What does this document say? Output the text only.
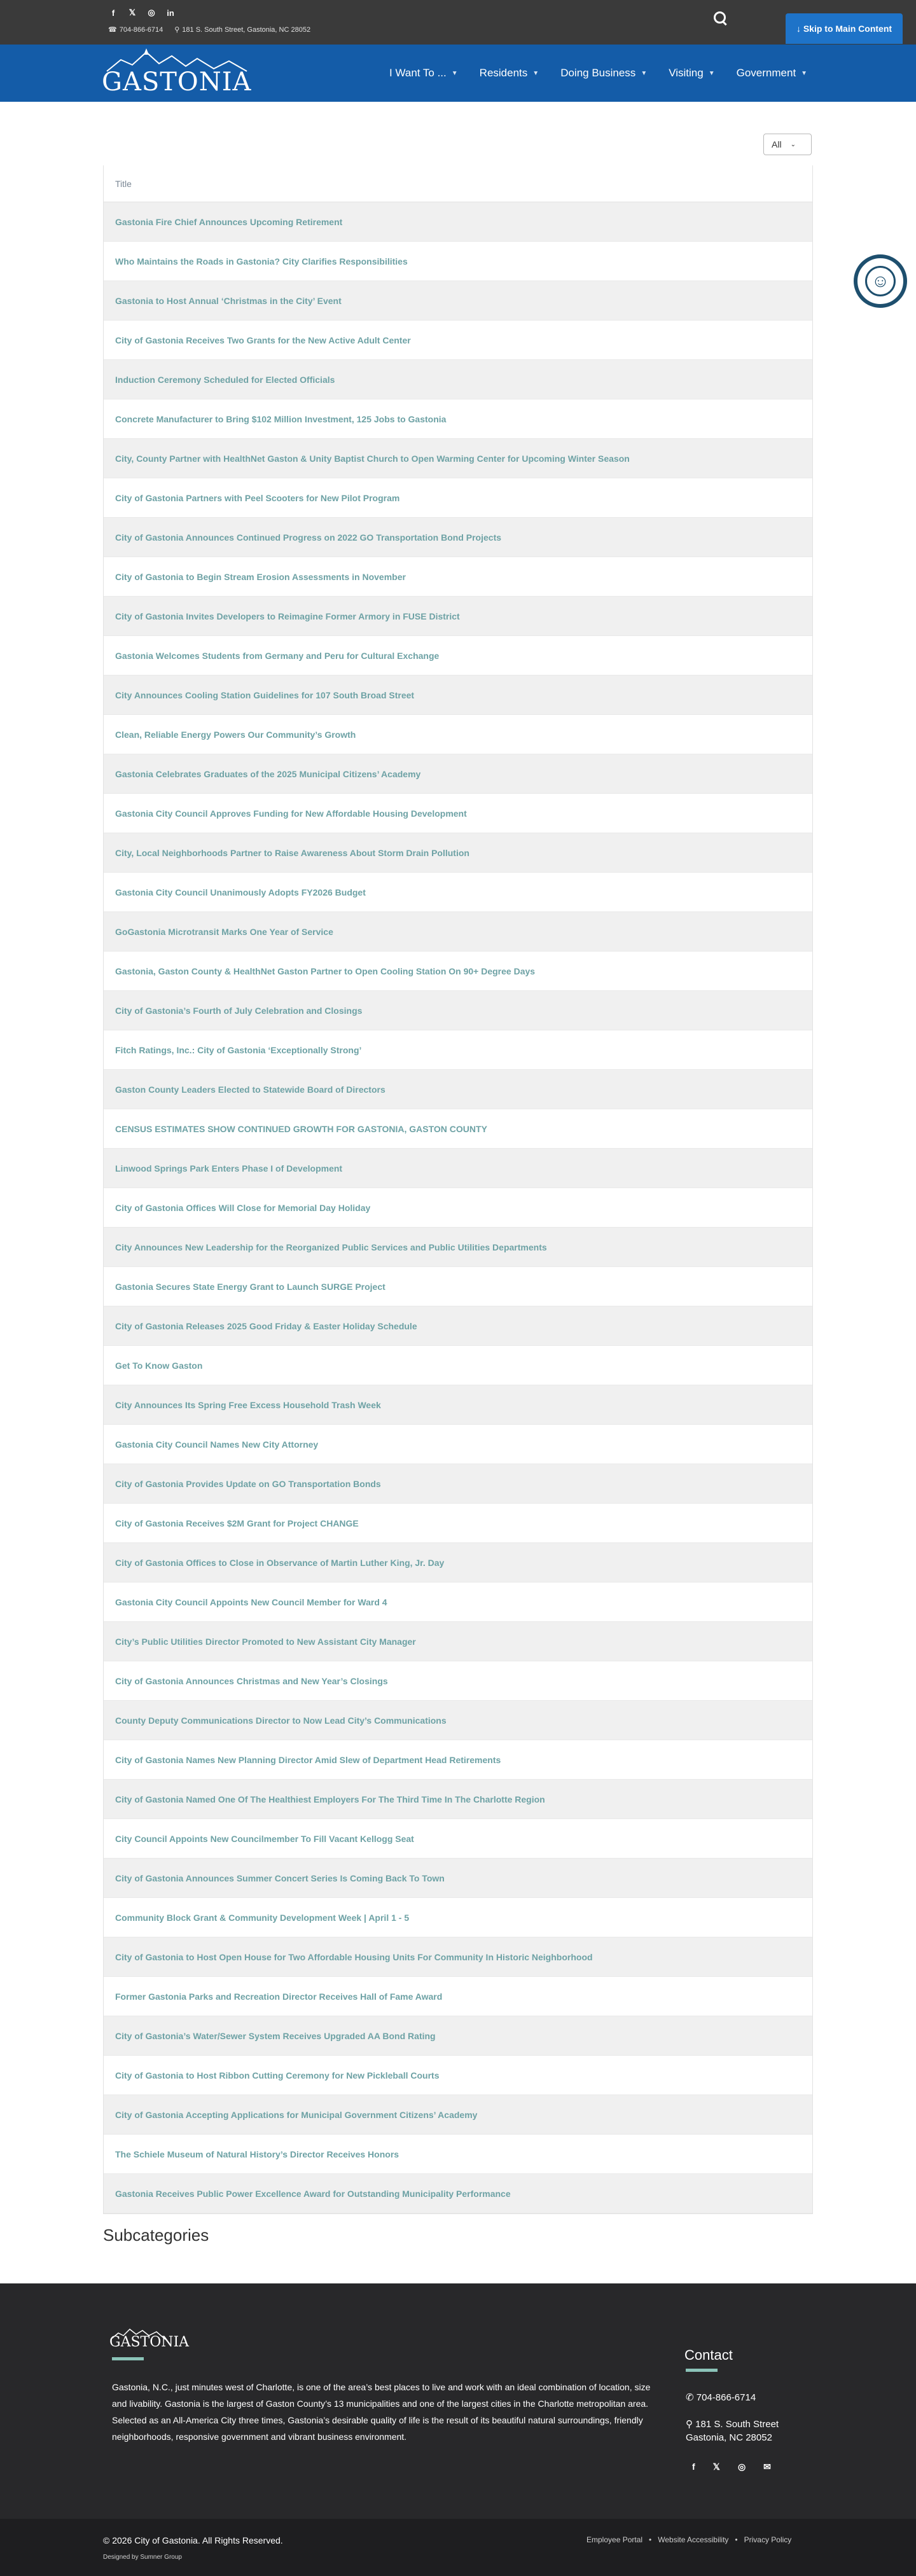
f	𝕏 ◎ in
☎ 704-866-6714 ⚲ 181 S. South Street, Gastonia, NC 28052	↓ Skip to Main Content
GASTONIA	I Want To ... ▼ Residents ▼ Doing Business ▼ Visiting ▼ Government ▼
All ⌄
Title
Gastonia Fire Chief Announces Upcoming Retirement
Who Maintains the Roads in Gastonia? City Clarifies Responsibilities
Gastonia to Host Annual ‘Christmas in the City’ Event
City of Gastonia Receives Two Grants for the New Active Adult Center
Induction Ceremony Scheduled for Elected Officials
Concrete Manufacturer to Bring $102 Million Investment, 125 Jobs to Gastonia
City, County Partner with HealthNet Gaston & Unity Baptist Church to Open Warming Center for Upcoming Winter Season
City of Gastonia Partners with Peel Scooters for New Pilot Program
City of Gastonia Announces Continued Progress on 2022 GO Transportation Bond Projects
City of Gastonia to Begin Stream Erosion Assessments in November
City of Gastonia Invites Developers to Reimagine Former Armory in FUSE District
Gastonia Welcomes Students from Germany and Peru for Cultural Exchange
City Announces Cooling Station Guidelines for 107 South Broad Street
Clean, Reliable Energy Powers Our Community’s Growth
Gastonia Celebrates Graduates of the 2025 Municipal Citizens’ Academy
Gastonia City Council Approves Funding for New Affordable Housing Development
City, Local Neighborhoods Partner to Raise Awareness About Storm Drain Pollution
Gastonia City Council Unanimously Adopts FY2026 Budget
GoGastonia Microtransit Marks One Year of Service
Gastonia, Gaston County & HealthNet Gaston Partner to Open Cooling Station On 90+ Degree Days
City of Gastonia’s Fourth of July Celebration and Closings
Fitch Ratings, Inc.: City of Gastonia ‘Exceptionally Strong’
Gaston County Leaders Elected to Statewide Board of Directors
CENSUS ESTIMATES SHOW CONTINUED GROWTH FOR GASTONIA, GASTON COUNTY
Linwood Springs Park Enters Phase I of Development
City of Gastonia Offices Will Close for Memorial Day Holiday
City Announces New Leadership for the Reorganized Public Services and Public Utilities Departments
Gastonia Secures State Energy Grant to Launch SURGE Project
City of Gastonia Releases 2025 Good Friday & Easter Holiday Schedule
Get To Know Gaston
City Announces Its Spring Free Excess Household Trash Week
Gastonia City Council Names New City Attorney
City of Gastonia Provides Update on GO Transportation Bonds
City of Gastonia Receives $2M Grant for Project CHANGE
City of Gastonia Offices to Close in Observance of Martin Luther King, Jr. Day
Gastonia City Council Appoints New Council Member for Ward 4
City’s Public Utilities Director Promoted to New Assistant City Manager
City of Gastonia Announces Christmas and New Year’s Closings
County Deputy Communications Director to Now Lead City’s Communications
City of Gastonia Names New Planning Director Amid Slew of Department Head Retirements
City of Gastonia Named One Of The Healthiest Employers For The Third Time In The Charlotte Region
City Council Appoints New Councilmember To Fill Vacant Kellogg Seat
City of Gastonia Announces Summer Concert Series Is Coming Back To Town
Community Block Grant & Community Development Week | April 1 - 5
City of Gastonia to Host Open House for Two Affordable Housing Units For Community In Historic Neighborhood
Former Gastonia Parks and Recreation Director Receives Hall of Fame Award
City of Gastonia’s Water/Sewer System Receives Upgraded AA Bond Rating
City of Gastonia to Host Ribbon Cutting Ceremony for New Pickleball Courts
City of Gastonia Accepting Applications for Municipal Government Citizens’ Academy
The Schiele Museum of Natural History’s Director Receives Honors
Gastonia Receives Public Power Excellence Award for Outstanding Municipality Performance
Subcategories
☺
GASTONIA
Gastonia, N.C., just minutes west of Charlotte, is one of the area’s best places to live and work with an ideal combination of location, size and livability. Gastonia is the largest of Gaston County’s 13 municipalities and one of the largest cities in the Charlotte metropolitan area. Selected as an All-America City three times, Gastonia’s desirable quality of life is the result of its beautiful natural surroundings, friendly neighborhoods, responsive government and vibrant business environment.
Contact
✆ 704-866-6714
⚲ 181 S. South Street
Gastonia, NC 28052
f 𝕏 ◎ ✉
© 2026 City of Gastonia. All Rights Reserved.
Designed by Sumner Group
Employee Portal • Website Accessibility • Privacy Policy
